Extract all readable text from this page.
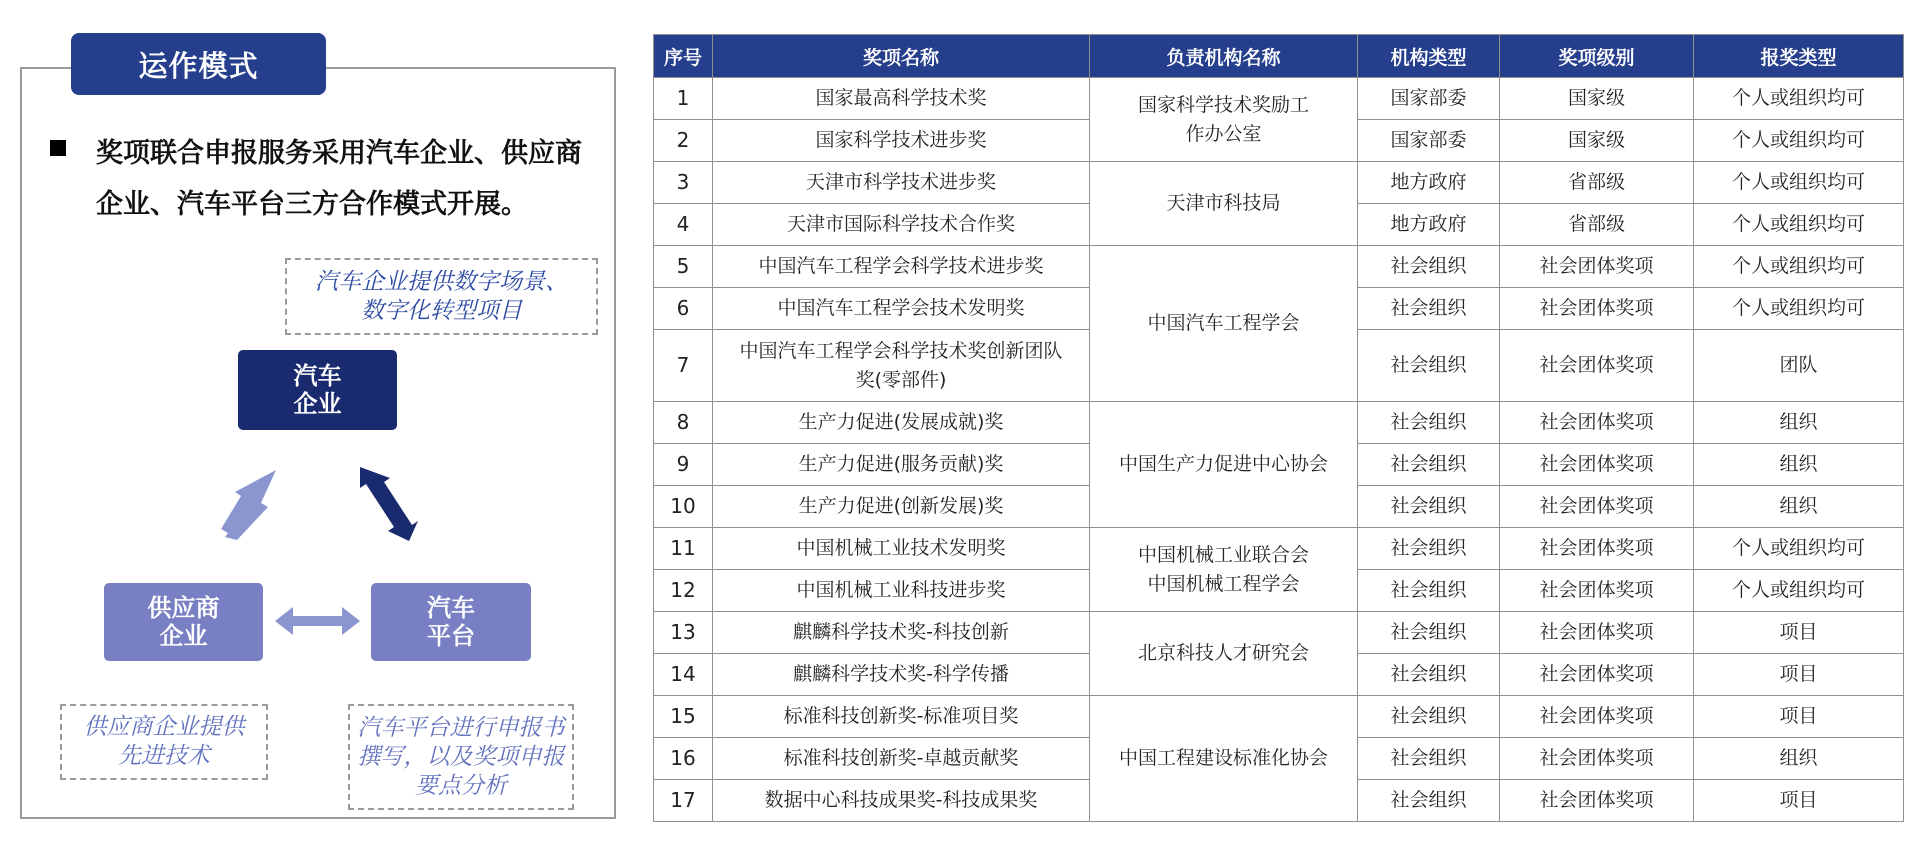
运作模式
奖项联合申报服务采用汽车企业、供应商企业、汽车平台三方合作模式开展。
汽车企业提供数字场景、数字化转型项目
汽车企业
供应商企业
汽车平台
供应商企业提供先进技术
汽车平台进行申报书撰写，以及奖项申报要点分析
序号	奖项名称	负责机构名称	机构类型	奖项级别	报奖类型
1	国家最高科学技术奖	国家科学技术奖励工作办公室	国家部委	国家级	个人或组织均可
2	国家科学技术进步奖		国家部委	国家级	个人或组织均可
3	天津市科学技术进步奖	天津市科技局	地方政府	省部级	个人或组织均可
4	天津市国际科学技术合作奖		地方政府	省部级	个人或组织均可
5	中国汽车工程学会科学技术进步奖	中国汽车工程学会	社会组织	社会团体奖项	个人或组织均可
6	中国汽车工程学会技术发明奖		社会组织	社会团体奖项	个人或组织均可
7	中国汽车工程学会科学技术奖创新团队奖(零部件)		社会组织	社会团体奖项	团队
8	生产力促进(发展成就)奖	中国生产力促进中心协会	社会组织	社会团体奖项	组织
9	生产力促进(服务贡献)奖		社会组织	社会团体奖项	组织
10	生产力促进(创新发展)奖		社会组织	社会团体奖项	组织
11	中国机械工业技术发明奖	中国机械工业联合会 中国机械工程学会	社会组织	社会团体奖项	个人或组织均可
12	中国机械工业科技进步奖		社会组织	社会团体奖项	个人或组织均可
13	麒麟科学技术奖-科技创新	北京科技人才研究会	社会组织	社会团体奖项	项目
14	麒麟科学技术奖-科学传播		社会组织	社会团体奖项	项目
15	标准科技创新奖-标准项目奖	中国工程建设标准化协会	社会组织	社会团体奖项	项目
16	标准科技创新奖-卓越贡献奖		社会组织	社会团体奖项	组织
17	数据中心科技成果奖-科技成果奖		社会组织	社会团体奖项	项目
